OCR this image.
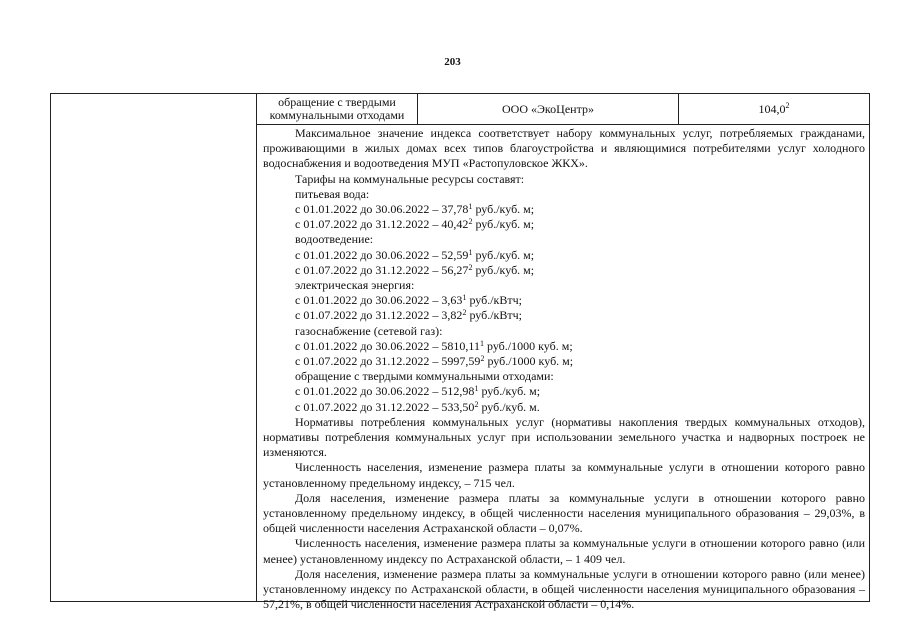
203
обращение с твердыми коммунальными отходами	ООО «ЭкоЦентр»	104,0$^2$

Максимальное значение индекса соответствует набору коммунальных услуг, потребляемых гражданами, проживающими в жилых домах всех типов благоустройства и являющимися потребителями услуг холодного водоснабжения и водоотведения МУП «Растопуловское ЖКХ».

Тарифы на коммунальные ресурсы составят:

питьевая вода:

с 01.01.2022 до 30.06.2022 – 37,78$^1$ руб./куб. м;

с 01.07.2022 до 31.12.2022 – 40,42$^2$ руб./куб. м;

водоотведение:

с 01.01.2022 до 30.06.2022 – 52,59$^1$ руб./куб. м;

с 01.07.2022 до 31.12.2022 – 56,27$^2$ руб./куб. м;

электрическая энергия:

с 01.01.2022 до 30.06.2022 – 3,63$^1$ руб./кВтч;

с 01.07.2022 до 31.12.2022 – 3,82$^2$ руб./кВтч;

газоснабжение (сетевой газ):

с 01.01.2022 до 30.06.2022 – 5810,11$^1$ руб./1000 куб. м;

с 01.07.2022 до 31.12.2022 – 5997,59$^2$ руб./1000 куб. м;

обращение с твердыми коммунальными отходами:

с 01.01.2022 до 30.06.2022 – 512,98$^1$ руб./куб. м;

с 01.07.2022 до 31.12.2022 – 533,50$^2$ руб./куб. м.

Нормативы потребления коммунальных услуг (нормативы накопления твердых коммунальных отходов), нормативы потребления коммунальных услуг при использовании земельного участка и надворных построек не изменяются.

Численность населения, изменение размера платы за коммунальные услуги в отношении которого равно установленному предельному индексу, – 715 чел.

Доля населения, изменение размера платы за коммунальные услуги в отношении которого равно установленному предельному индексу, в общей численности населения муниципального образования – 29,03%, в общей численности населения Астраханской области – 0,07%.

Численность населения, изменение размера платы за коммунальные услуги в отношении которого равно (или менее) установленному индексу по Астраханской области, – 1 409 чел.

Доля населения, изменение размера платы за коммунальные услуги в отношении которого равно (или менее) установленному индексу по Астраханской области, в общей численности населения муниципального образования – 57,21%, в общей численности населения Астраханской области – 0,14%.
